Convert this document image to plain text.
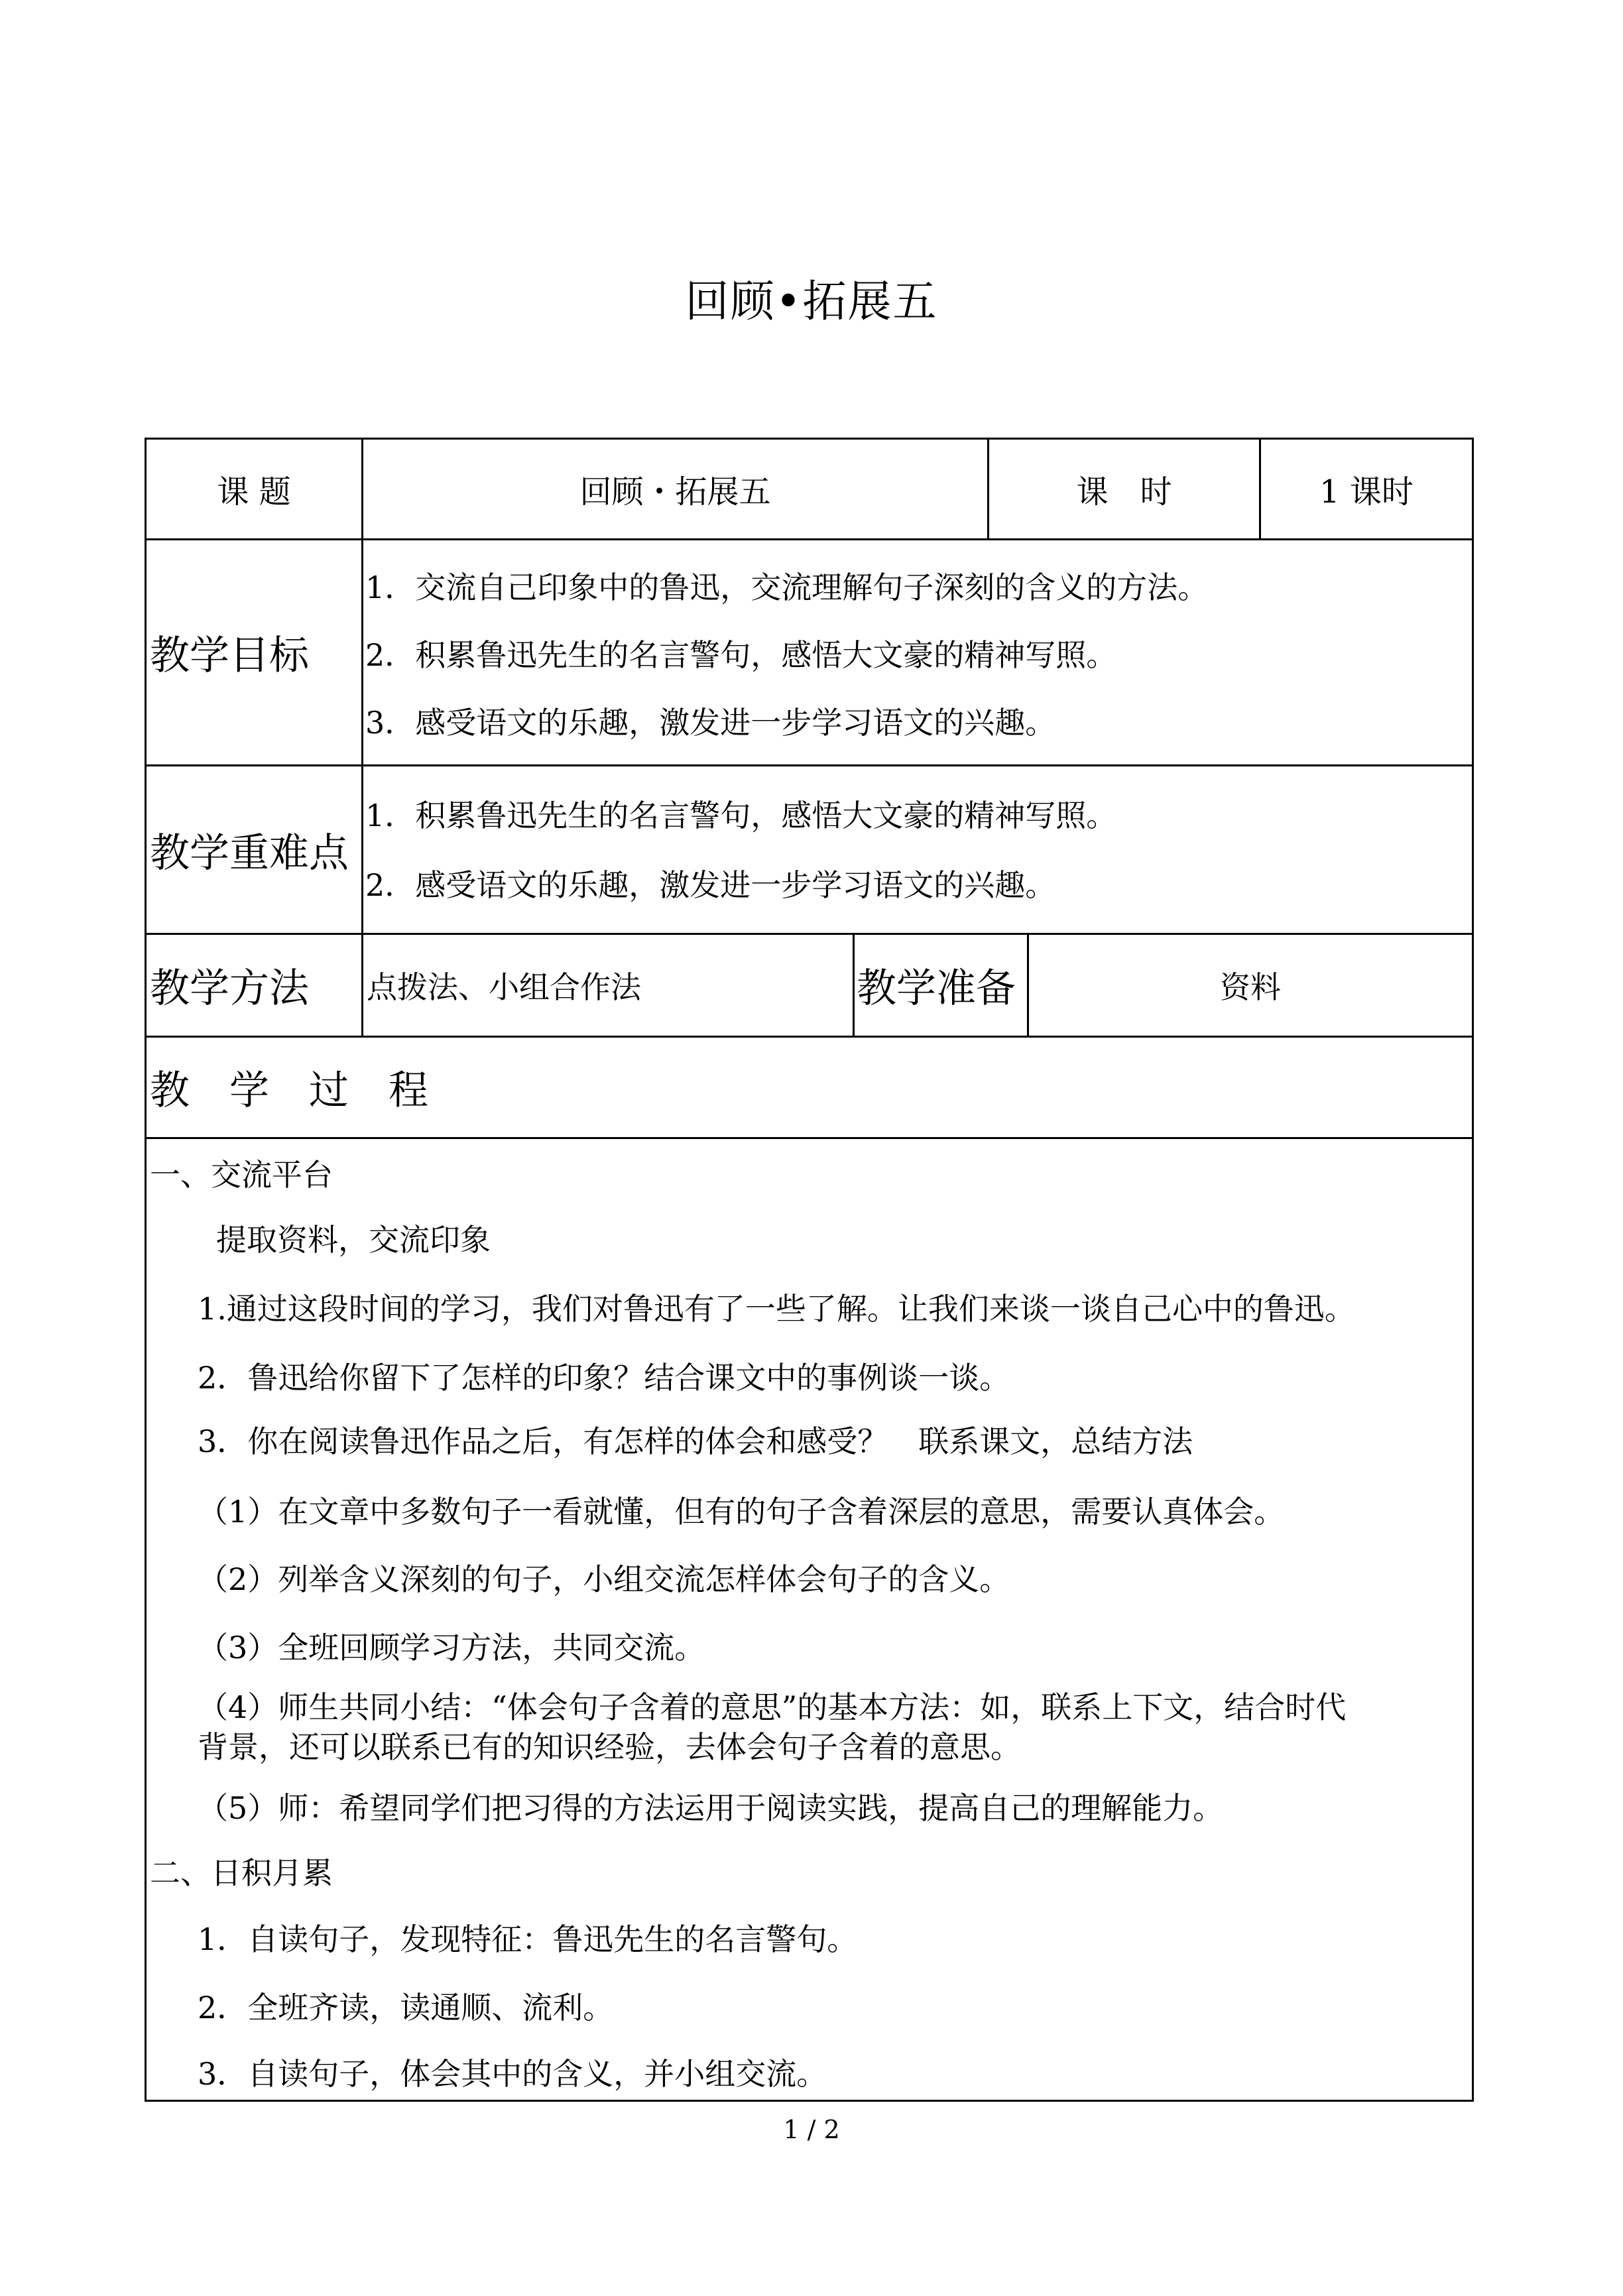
回顾•拓展五
课 题	回顾・拓展五	课　时	1 课时
教学目标
1．交流自己印象中的鲁迅，交流理解句子深刻的含义的方法。
2．积累鲁迅先生的名言警句，感悟大文豪的精神写照。
3．感受语文的乐趣，激发进一步学习语文的兴趣。
教学重难点
1．积累鲁迅先生的名言警句，感悟大文豪的精神写照。
2．感受语文的乐趣，激发进一步学习语文的兴趣。
教学方法	点拨法、小组合作法	教学准备	资料
教　学　过　程
一、交流平台
提取资料，交流印象
1.通过这段时间的学习，我们对鲁迅有了一些了解。让我们来谈一谈自己心中的鲁迅。
2．鲁迅给你留下了怎样的印象？结合课文中的事例谈一谈。
3．你在阅读鲁迅作品之后，有怎样的体会和感受？　联系课文，总结方法
（1）在文章中多数句子一看就懂，但有的句子含着深层的意思，需要认真体会。
（2）列举含义深刻的句子，小组交流怎样体会句子的含义。
（3）全班回顾学习方法，共同交流。
（4）师生共同小结：“体会句子含着的意思”的基本方法：如，联系上下文，结合时代
背景，还可以联系已有的知识经验，去体会句子含着的意思。
（5）师：希望同学们把习得的方法运用于阅读实践，提高自己的理解能力。
二、日积月累
1．自读句子，发现特征：鲁迅先生的名言警句。
2．全班齐读，读通顺、流利。
3．自读句子，体会其中的含义，并小组交流。
1 / 2
